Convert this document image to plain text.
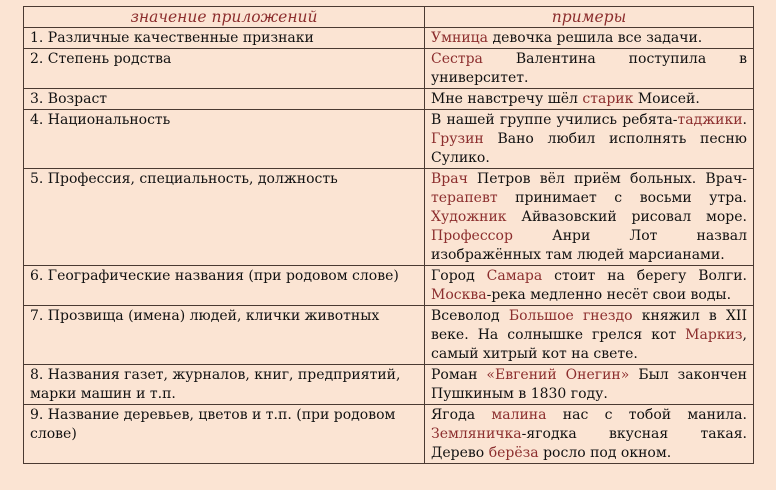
значение приложений	примеры
1. Различные качественные признаки	Умница девочка решила все задачи.
2. Степень родства	Сестра Валентина поступила в университет.
3. Возраст	Мне навстречу шёл старик Моисей.
4. Национальность	В нашей группе учились ребята-таджики. Грузин Вано любил исполнять песню Сулико.
5. Профессия, специальность, должность	Врач Петров вёл приём больных. Врач-терапевт принимает с восьми утра. Художник Айвазовский рисовал море. Профессор Анри Лот назвал изображённых там людей марсианами.
6. Географические названия (при родовом слове)	Город Самара стоит на берегу Волги. Москва-река медленно несёт свои воды.
7. Прозвища (имена) людей, клички животных	Всеволод Большое гнездо княжил в XII веке. На солнышке грелся кот Маркиз, самый хитрый кот на свете.
8. Названия газет, журналов, книг, предприятий, марки машин и т.п.	Роман «Евгений Онегин» Был закончен Пушкиным в 1830 году.
9. Название деревьев, цветов и т.п. (при родовом слове)	Ягода малина нас с тобой манила. Земляничка-ягодка вкусная такая. Дерево берёза росло под окном.
